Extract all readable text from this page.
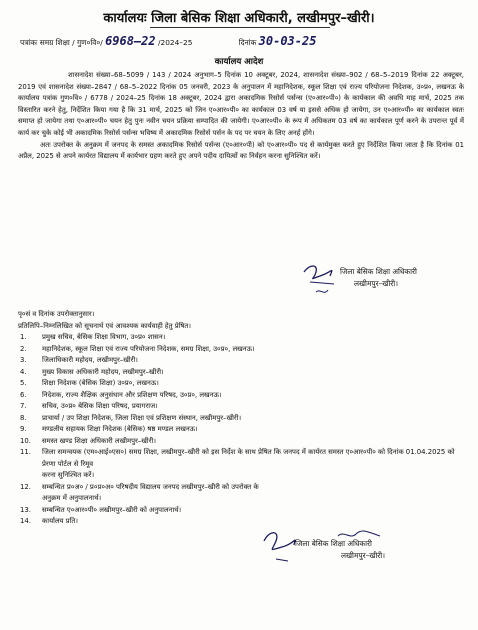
कार्यालयः जिला बेसिक शिक्षा अधिकारी, लखीमपुर–खीरी।
पत्रांकः समग्र शिक्षा / गुण०वि०/ 6968–22 /2024–25	दिनांक 30-03-25
कार्यालय आदेश

शासनादेश संख्या–68–5099 / 143 / 2024 अनुभाग–5 दिनांक 10 अक्टूबर, 2024, शासनादेश संख्या–902 / 68–5–2019 दिनांक 22 अक्टूबर, 2019 एवं शासनादेश संख्या–2847 / 68–5–2022 दिनांक 05 जनवरी, 2023 के अनुपालन में महानिदेशक, स्कूल शिक्षा एवं राज्य परियोजना निदेशक, उ०प्र०, लखनऊ के कार्यालय पत्रांक गुण०वि० / 6778 / 2024–25 दिनांक 18 अक्टूबर, 2024 द्वारा अकादमिक रिसोर्स पर्सन्स (ए०आर०पी०) के कार्यकाल की अवधि माह मार्च, 2025 तक विस्तारित करने हेतु, निर्देशित किया गया है कि 31 मार्च, 2025 को जिन ए०आर०पी० का कार्यकाल 03 वर्ष या इससे अधिक हो जायेगा, उन ए०आर०पी० का कार्यकाल स्वतः समाप्त हो जायेगा तथा ए०आर०पी० चयन हेतु पुनः नवीन चयन प्रक्रिया सम्पादित की जायेगी। ए०आर०पी० के रूप में अधिकतम 03 वर्ष का कार्यकाल पूर्ण करने के उपरान्त पूर्व में कार्य कर चुके कोई भी अकादमिक रिसोर्स पर्सन्स भविष्य में अकादमिक रिसोर्स पर्सन के पद पर चयन के लिए अनर्ह होंगे।

अतः उपरोक्त के अनुक्रम में जनपद के समस्त अकादमिक रिसोर्स पर्सन्स (ए०आर०पी) को ए०आर०पी० पद से कार्यमुक्त करते हुए निर्देशित किया जाता है कि दिनांक 01 अप्रैल, 2025 से अपने कार्यरत विद्यालय में कार्यभार ग्रहण करते हुए अपने पदीय दायित्वों का निर्वहन करना सुनिश्चित करें।

जिला बेसिक शिक्षा अधिकारी
लखीमपुर–खीरी।
पृ०सं व दिनांक उपरोक्तानुसार।
प्रतिलिपि–निम्नलिखित को सूचनार्थ एवं आवश्यक कार्यवाही हेतु प्रेषित।
1.	प्रमुख सचिव, बेसिक शिक्षा विभाग, उ०प्र० शासन।
2.	महानिदेशक, स्कूल शिक्षा एवं राज्य परियोजना निदेशक, समग्र शिक्षा, उ०प्र०, लखनऊ।
3.	जिलाधिकारी महोदय, लखीमपुर–खीरी।
4.	मुख्य विकास अधिकारी महोदय, लखीमपुर–खीरी।
5.	शिक्षा निदेशक (बेसिक शिक्षा) उ०प्र०, लखनऊ।
6.	निदेशक, राज्य शैक्षिक अनुसंधान और प्रशिक्षण परिषद, उ०प्र०, लखनऊ।
7.	सचिव, उ०प्र० बेसिक शिक्षा परिषद, प्रयागराज।
8.	प्राचार्या / उप शिक्षा निदेशक, जिला शिक्षा एवं प्रशिक्षण संस्थान, लखीमपुर–खीरी।
9.	मण्डलीय सहायक शिक्षा निदेशक (बेसिक) षष्ठ मण्डल लखनऊ।
10.	समस्त खण्ड शिक्षा अधिकारी लखीमपुर–खीरी।
11.	जिला समन्वयक (एम०आई०एस०) समग्र शिक्षा, लखीमपुर–खीरी को इस निर्देश के साथ प्रेषित कि जनपद में कार्यरत समस्त ए०आर०पी० को दिनांक 01.04.2025 को प्रेरणा पोर्टल से रिमूव
करना सुनिश्चित करें।
12.	सम्बन्धित प्र०अ० / प्र०प्र०अ० परिषदीय विद्यालय जनपद लखीमपुर–खीरी को उपरोक्त के
अनुक्रम में अनुपालनार्थ।
13.	सम्बन्धित ए०आर०पी० लखीमपुर–खीरी को अनुपालनार्थ।
14.	कार्यालय प्रति।
जिला बेसिक शिक्षा अधिकारी
लखीमपुर–खीरी।
